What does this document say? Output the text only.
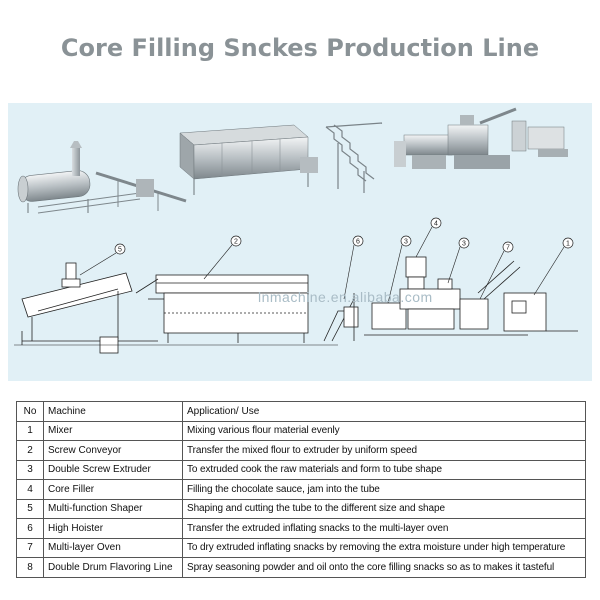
Core Filling Snckes Production Line
5
2	6	3
4
3
7
1
lnmachine.en.alibaba.com
No	Machine	Application/ Use
1	Mixer	Mixing various flour material evenly
2	Screw Conveyor	Transfer the mixed flour to extruder by uniform speed
3	Double Screw Extruder	To extruded cook the raw materials and form to tube shape
4	Core Filler	Filling the chocolate sauce, jam into the tube
5	Multi-function Shaper	Shaping and cutting the tube to the different size and shape
6	High Hoister	Transfer the extruded inflating snacks to the multi-layer oven
7	Multi-layer Oven	To dry extruded inflating snacks by removing the extra moisture under high temperature
8	Double Drum Flavoring Line	Spray seasoning powder and oil onto the core filling snacks so as to makes it tasteful
